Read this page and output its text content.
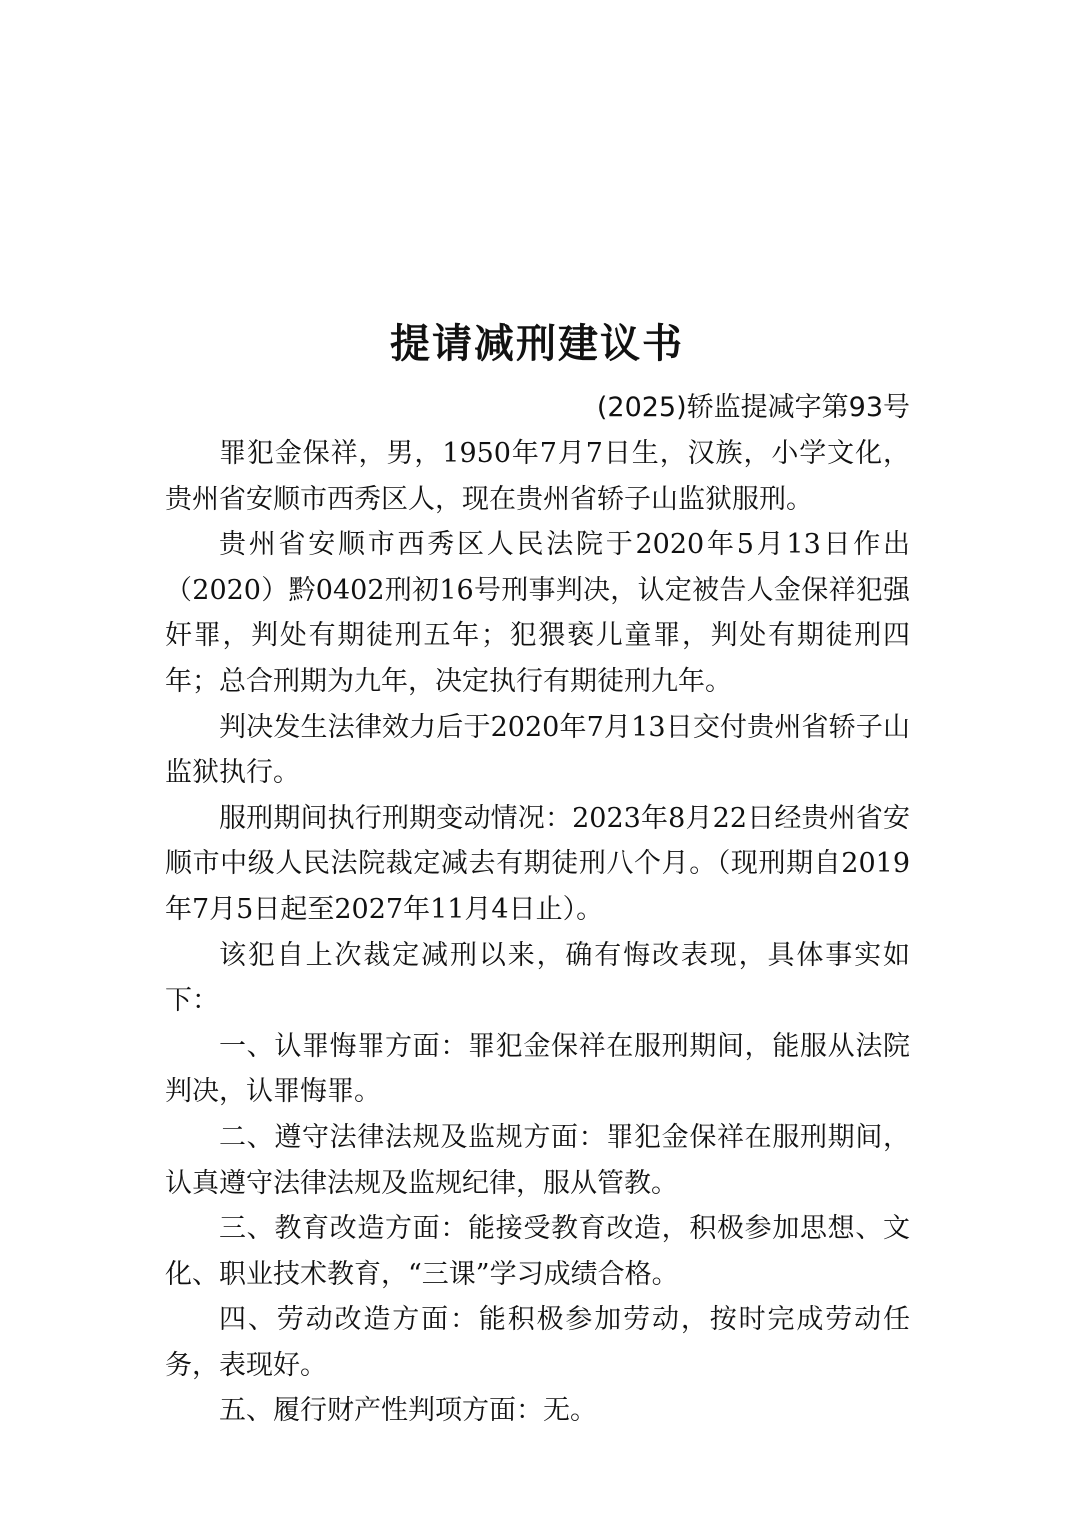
提请减刑建议书
(2025)轿监提减字第93号

罪犯金保祥，男，1950年7月7日生，汉族，小学文化，贵州省安顺市西秀区人，现在贵州省轿子山监狱服刑。

贵州省安顺市西秀区人民法院于2020年5月13日作出（2020）黔0402刑初16号刑事判决，认定被告人金保祥犯强奸罪，判处有期徒刑五年；犯猥亵儿童罪，判处有期徒刑四年；总合刑期为九年，决定执行有期徒刑九年。

判决发生法律效力后于2020年7月13日交付贵州省轿子山监狱执行。

服刑期间执行刑期变动情况：2023年8月22日经贵州省安顺市中级人民法院裁定减去有期徒刑八个月。（现刑期自2019年7月5日起至2027年11月4日止）。

该犯自上次裁定减刑以来，确有悔改表现，具体事实如下：

一、认罪悔罪方面：罪犯金保祥在服刑期间，能服从法院判决，认罪悔罪。

二、遵守法律法规及监规方面：罪犯金保祥在服刑期间，认真遵守法律法规及监规纪律，服从管教。

三、教育改造方面：能接受教育改造，积极参加思想、文化、职业技术教育，“三课”学习成绩合格。

四、劳动改造方面：能积极参加劳动，按时完成劳动任务，表现好。

五、履行财产性判项方面：无。
